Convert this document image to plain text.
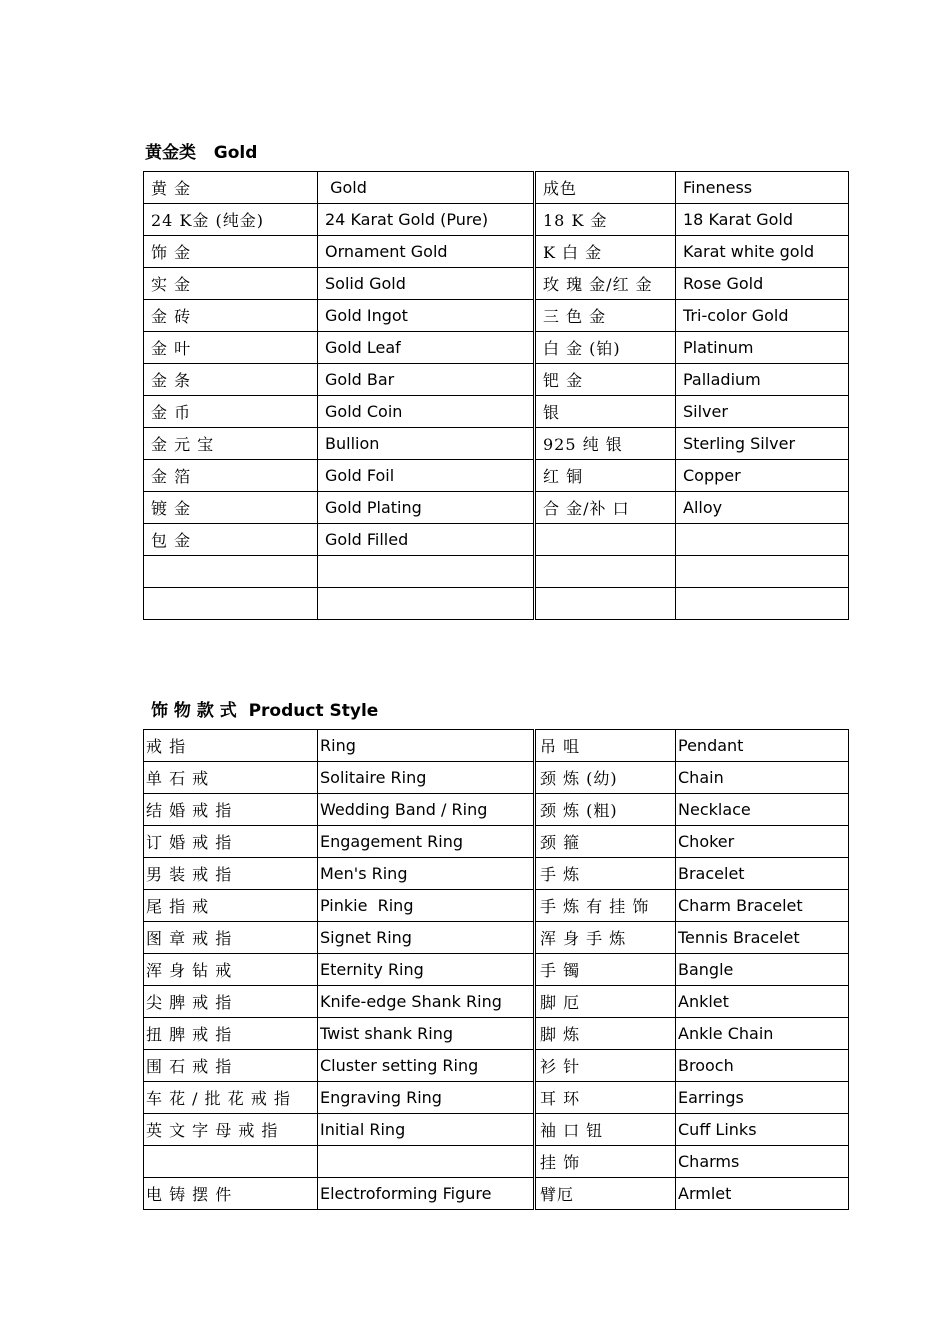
黄金类   Gold
黄 金	Gold	成色	Fineness
24 K金 (纯金)	24 Karat Gold (Pure)	18 K 金	18 Karat Gold
饰 金	Ornament Gold	K 白 金	Karat white gold
实 金	Solid Gold	玫 瑰 金/红 金	Rose Gold
金 砖	Gold Ingot	三 色 金	Tri-color Gold
金 叶	Gold Leaf	白 金 (铂)	Platinum
金 条	Gold Bar	钯 金	Palladium
金 币	Gold Coin	银	Silver
金 元 宝	Bullion	925 纯 银	Sterling Silver
金 箔	Gold Foil	红 铜	Copper
镀 金	Gold Plating	合 金/补 口	Alloy
包 金	Gold Filled		

饰 物 款 式  Product Style
戒 指	Ring	吊 咀	Pendant
单 石 戒	Solitaire Ring	颈 炼 (幼)	Chain
结 婚 戒 指	Wedding Band / Ring	颈 炼 (粗)	Necklace
订 婚 戒 指	Engagement Ring	颈 箍	Choker
男 装 戒 指	Men's Ring	手 炼	Bracelet
尾 指 戒	Pinkie  Ring	手 炼 有 挂 饰	Charm Bracelet
图 章 戒 指	Signet Ring	浑 身 手 炼	Tennis Bracelet
浑 身 钻 戒	Eternity Ring	手 镯	Bangle
尖 脾 戒 指	Knife-edge Shank Ring	脚 厄	Anklet
扭 脾 戒 指	Twist shank Ring	脚 炼	Ankle Chain
围 石 戒 指	Cluster setting Ring	衫 针	Brooch
车 花 / 批 花 戒 指	Engraving Ring	耳 环	Earrings
英 文 字 母 戒 指	Initial Ring	袖 口 钮	Cuff Links
		挂 饰	Charms
电 铸 摆 件	Electroforming Figure	臂厄	Armlet
